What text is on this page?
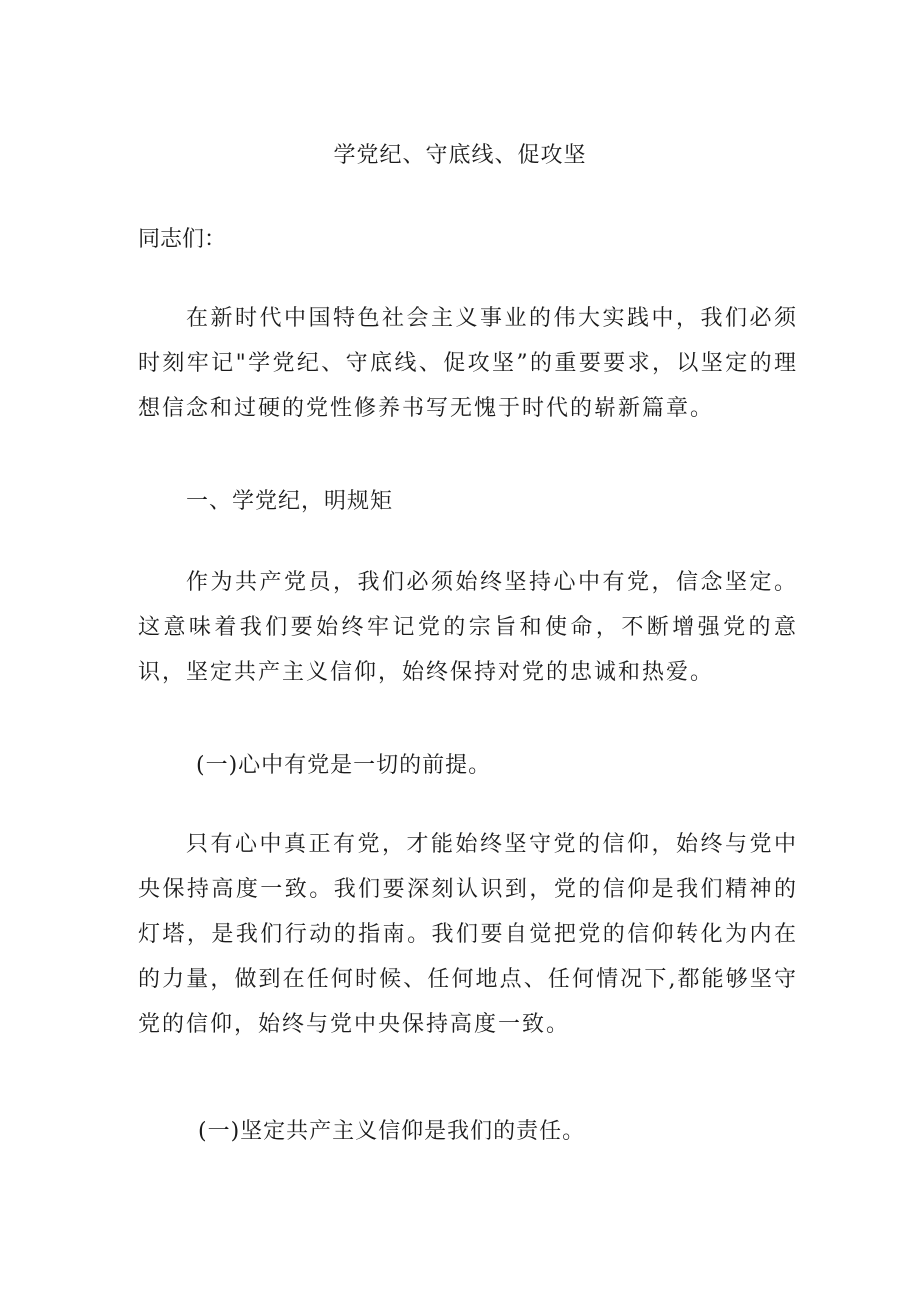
学党纪、守底线、促攻坚
同志们：

在新时代中国特色社会主义事业的伟大实践中，我们必须时刻牢记"学党纪、守底线、促攻坚”的重要要求，以坚定的理想信念和过硬的党性修养书写无愧于时代的崭新篇章。

一、学党纪，明规矩

作为共产党员，我们必须始终坚持心中有党，信念坚定。这意味着我们要始终牢记党的宗旨和使命，不断增强党的意识，坚定共产主义信仰，始终保持对党的忠诚和热爱。

(一)心中有党是一切的前提。

只有心中真正有党，才能始终坚守党的信仰，始终与党中央保持高度一致。我们要深刻认识到，党的信仰是我们精神的灯塔，是我们行动的指南。我们要自觉把党的信仰转化为内在的力量，做到在任何时候、任何地点、任何情况下,都能够坚守党的信仰，始终与党中央保持高度一致。

(一)坚定共产主义信仰是我们的责任。
